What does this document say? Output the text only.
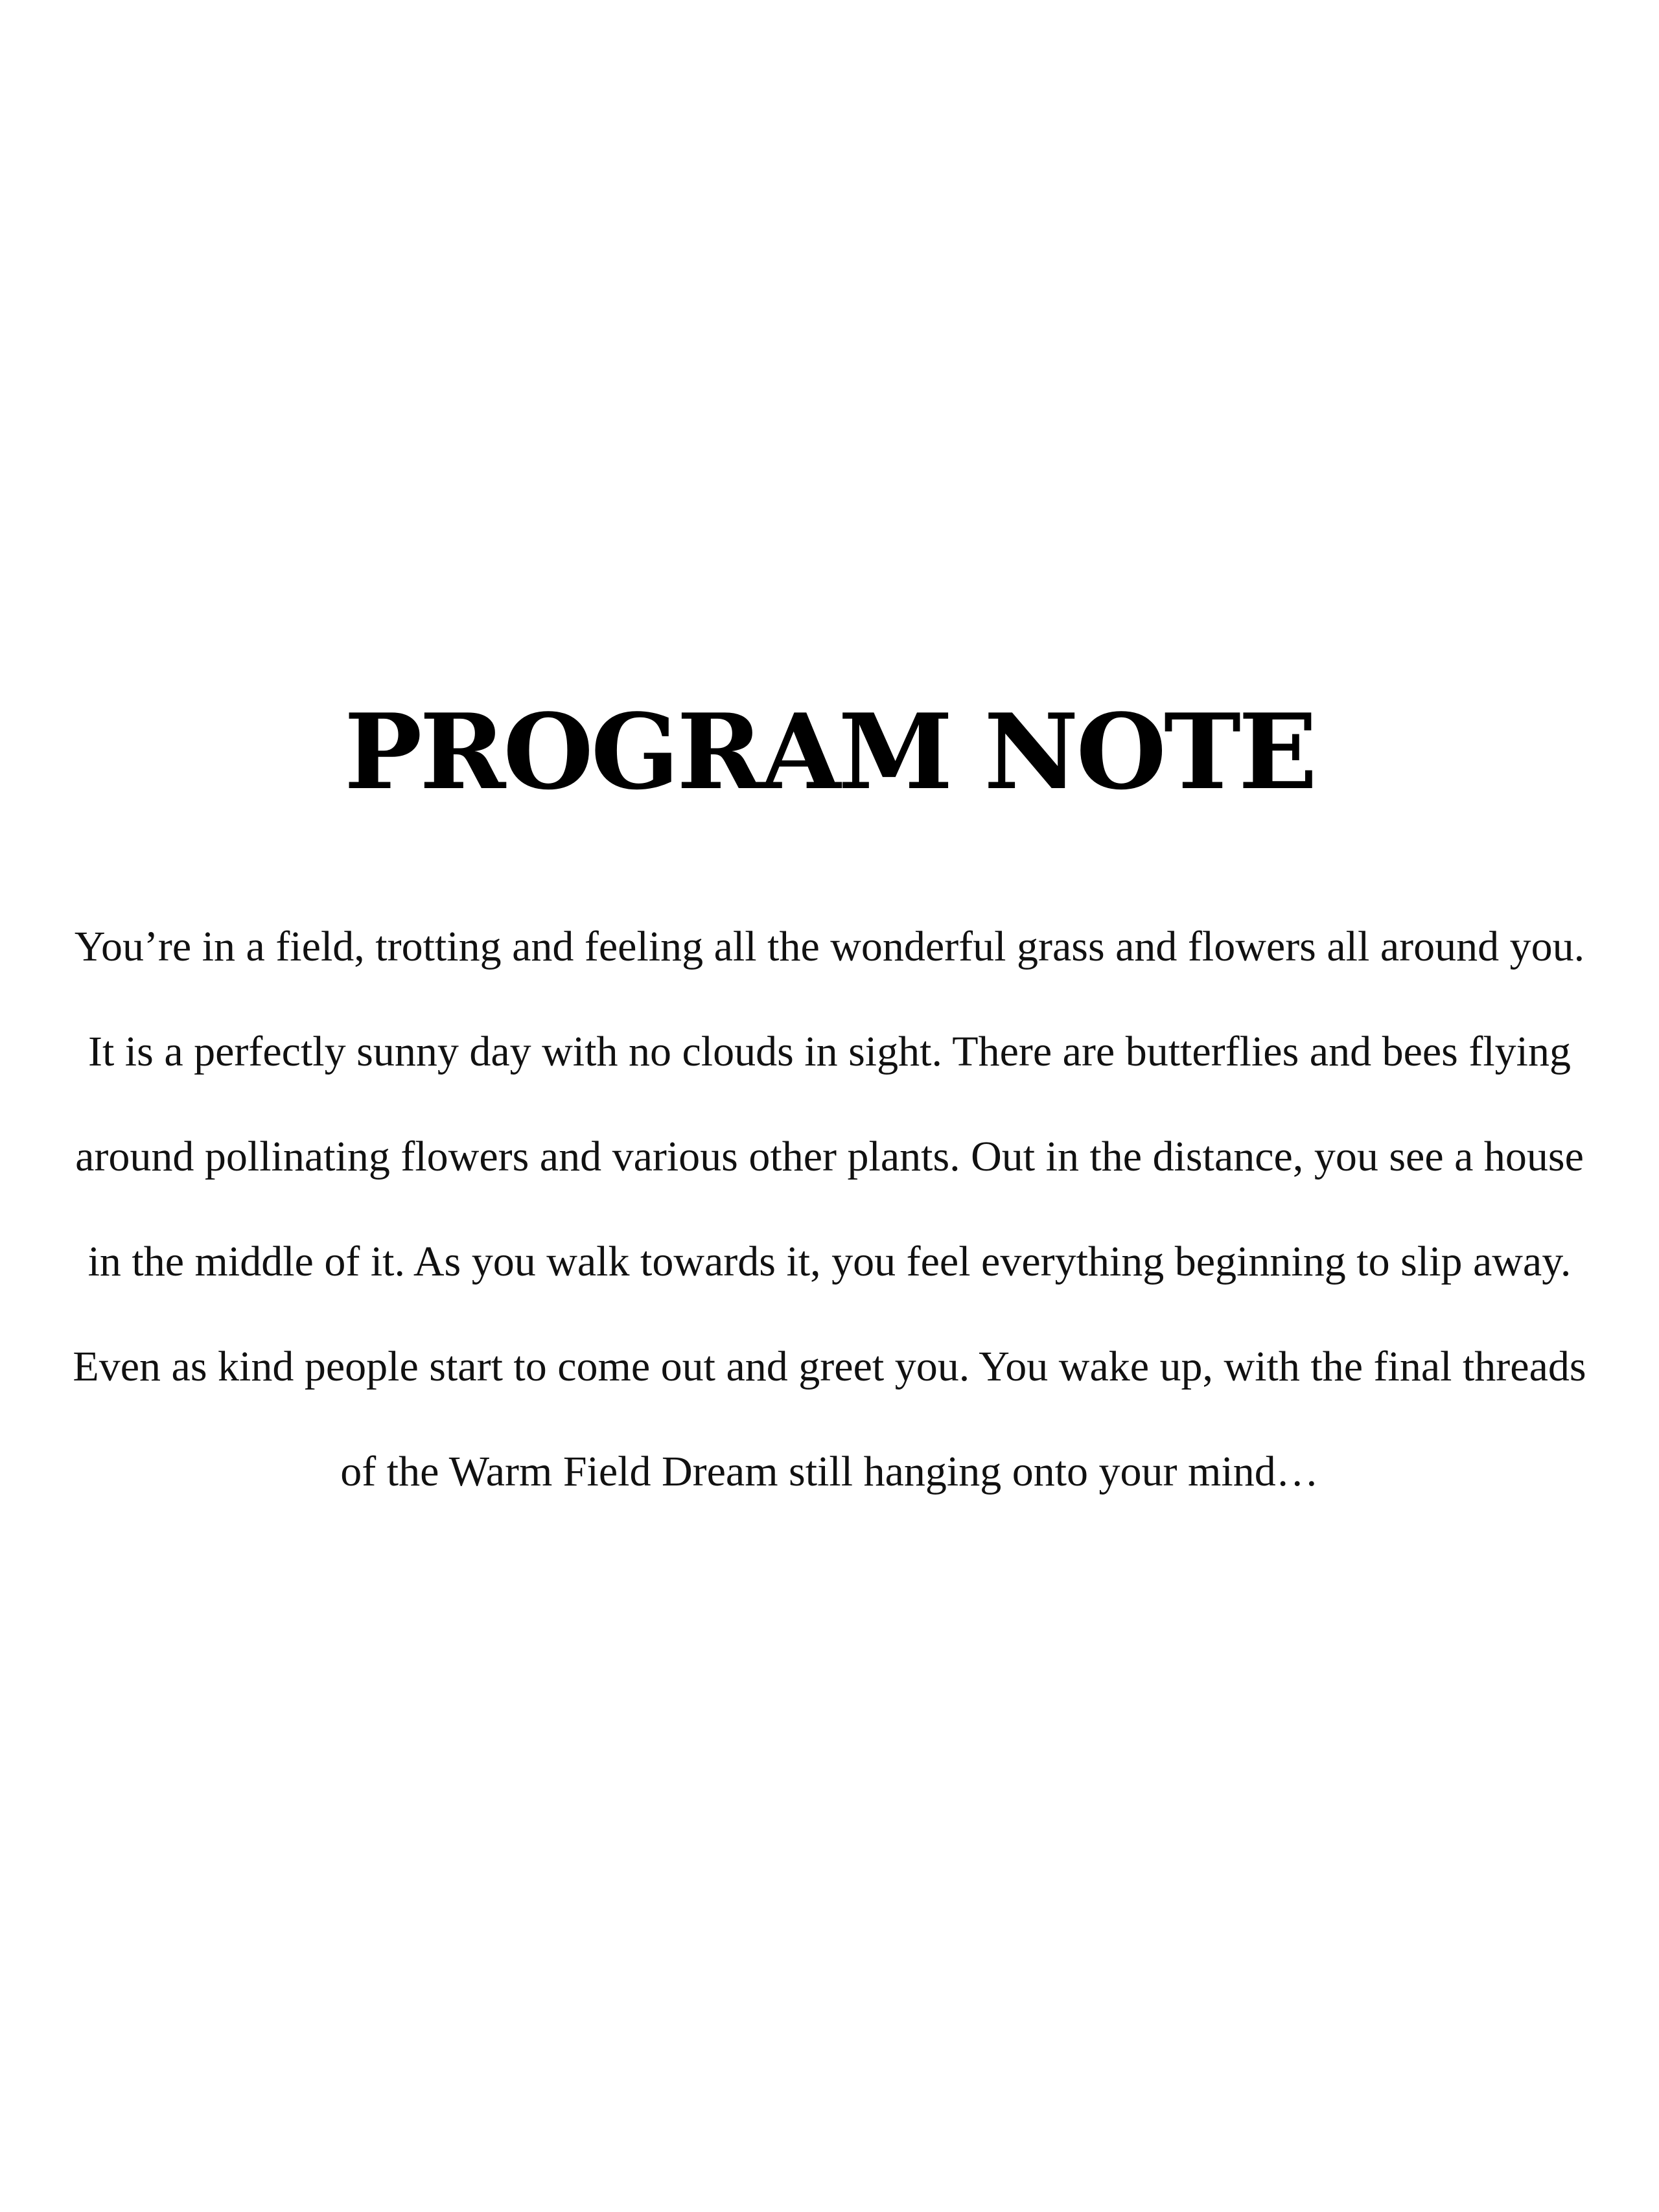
PROGRAM NOTE

You’re in a field, trotting and feeling all the wonderful grass and flowers all around you. It is a perfectly sunny day with no clouds in sight. There are butterflies and bees flying around pollinating flowers and various other plants. Out in the distance, you see a house in the middle of it. As you walk towards it, you feel everything beginning to slip away. Even as kind people start to come out and greet you. You wake up, with the final threads of the Warm Field Dream still hanging onto your mind…
